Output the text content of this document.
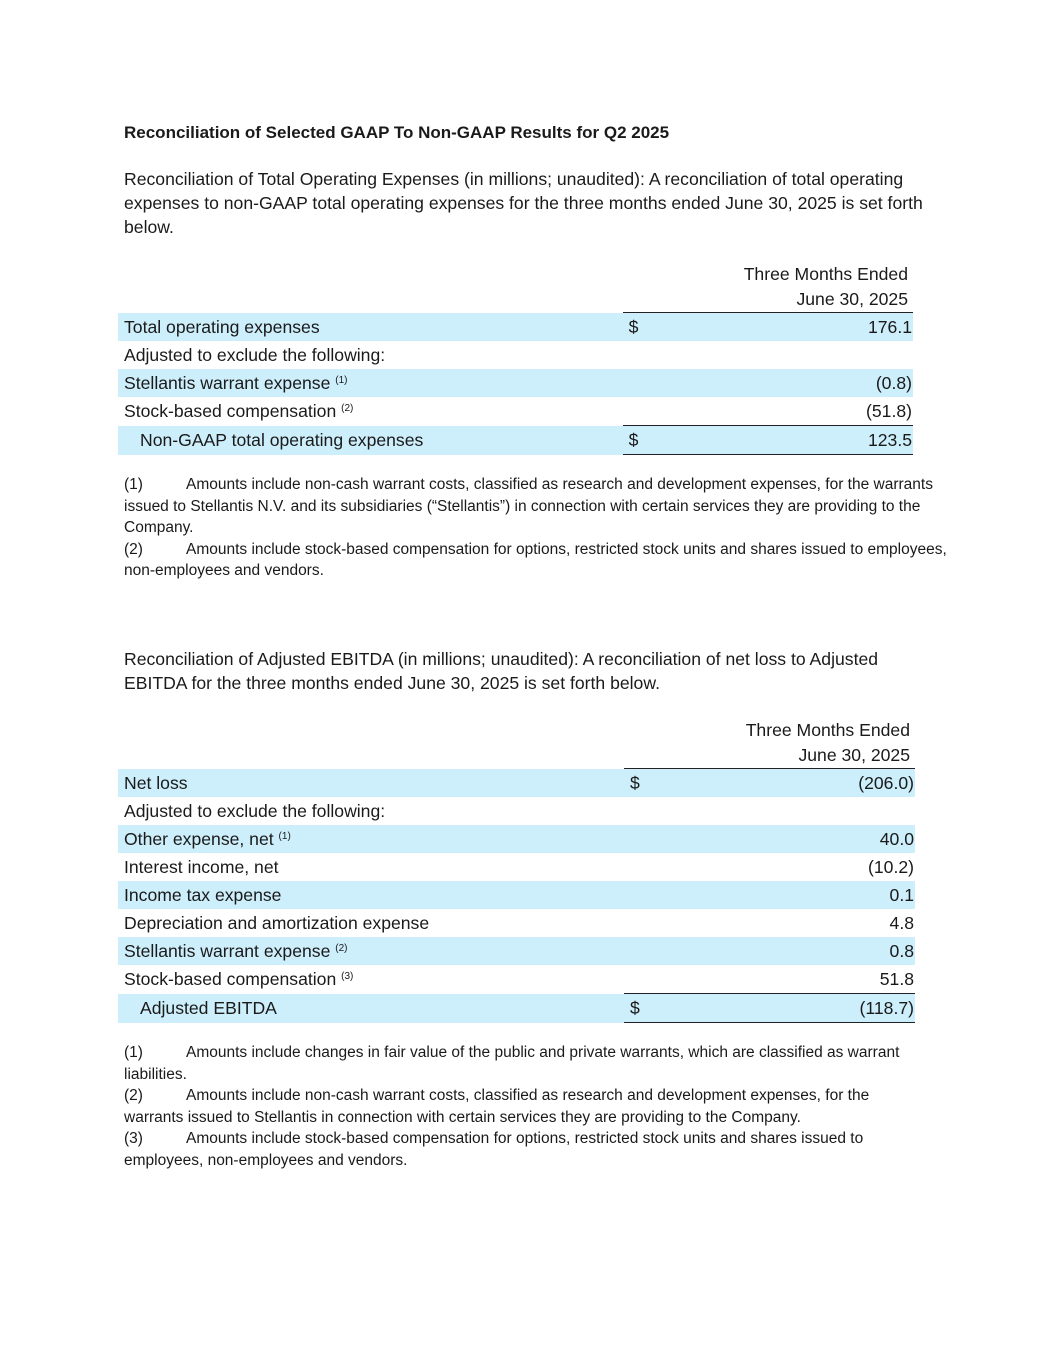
Reconciliation of Selected GAAP To Non-GAAP Results for Q2 2025
Reconciliation of Total Operating Expenses (in millions; unaudited): A reconciliation of total operating expenses to non-GAAP total operating expenses for the three months ended June 30, 2025 is set forth below.
	Three Months Ended	
	June 30, 2025	
Total operating expenses	$	176.1
Adjusted to exclude the following:		
Stellantis warrant expense $^{(1)}$		(0.8)
Stock-based compensation $^{(2)}$		(51.8)
Non-GAAP total operating expenses	$	123.5
(1)	Amounts include non-cash warrant costs, classified as research and development expenses, for the warrants issued to Stellantis N.V. and its subsidiaries (“Stellantis”) in connection with certain services they are providing to the Company.
(2)	Amounts include stock-based compensation for options, restricted stock units and shares issued to employees, non-employees and vendors.
Reconciliation of Adjusted EBITDA (in millions; unaudited): A reconciliation of net loss to Adjusted EBITDA for the three months ended June 30, 2025 is set forth below.
	Three Months Ended	
	June 30, 2025	
Net loss	$	(206.0)
Adjusted to exclude the following:		
Other expense, net $^{(1)}$		40.0
Interest income, net		(10.2)
Income tax expense		0.1
Depreciation and amortization expense		4.8
Stellantis warrant expense $^{(2)}$		0.8
Stock-based compensation $^{(3)}$		51.8
Adjusted EBITDA	$	(118.7)
(1)	Amounts include changes in fair value of the public and private warrants, which are classified as warrant liabilities.
(2)	Amounts include non-cash warrant costs, classified as research and development expenses, for the warrants issued to Stellantis in connection with certain services they are providing to the Company.
(3)	Amounts include stock-based compensation for options, restricted stock units and shares issued to employees, non-employees and vendors.
